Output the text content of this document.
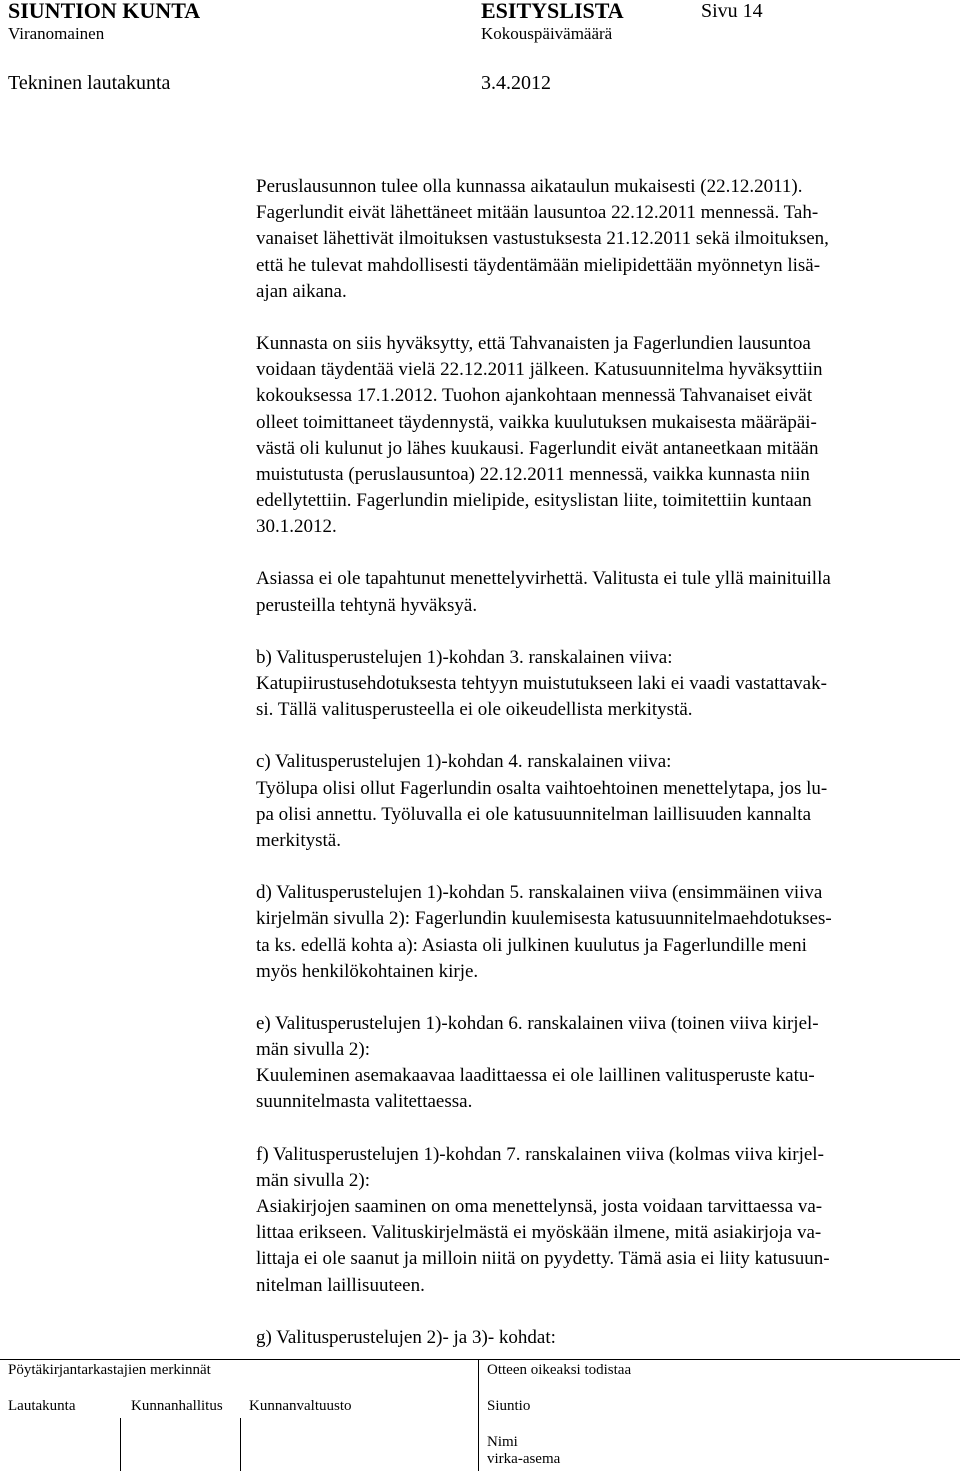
SIUNTION KUNTA	ESITYSLISTA	Sivu 14
Viranomainen	Kokouspäivämäärä
Tekninen lautakunta	3.4.2012
Peruslausunnon tulee olla kunnassa aikataulun mukaisesti (22.12.2011).
Fagerlundit eivät lähettäneet mitään lausuntoa 22.12.2011 mennessä. Tah-
vanaiset lähettivät ilmoituksen vastustuksesta 21.12.2011 sekä ilmoituksen,
että he tulevat mahdollisesti täydentämään mielipidettään myönnetyn lisä-
ajan aikana.
Kunnasta on siis hyväksytty, että Tahvanaisten ja Fagerlundien lausuntoa
voidaan täydentää vielä 22.12.2011 jälkeen. Katusuunnitelma hyväksyttiin
kokouksessa 17.1.2012. Tuohon ajankohtaan mennessä Tahvanaiset eivät
olleet toimittaneet täydennystä, vaikka kuulutuksen mukaisesta määräpäi-
västä oli kulunut jo lähes kuukausi. Fagerlundit eivät antaneetkaan mitään
muistutusta (peruslausuntoa) 22.12.2011 mennessä, vaikka kunnasta niin
edellytettiin. Fagerlundin mielipide, esityslistan liite, toimitettiin kuntaan
30.1.2012.
Asiassa ei ole tapahtunut menettelyvirhettä. Valitusta ei tule yllä mainituilla
perusteilla tehtynä hyväksyä.
b) Valitusperustelujen 1)-kohdan 3. ranskalainen viiva:
Katupiirustusehdotuksesta tehtyyn muistutukseen laki ei vaadi vastattavak-
si. Tällä valitusperusteella ei ole oikeudellista merkitystä.
c) Valitusperustelujen 1)-kohdan 4. ranskalainen viiva:
Työlupa olisi ollut Fagerlundin osalta vaihtoehtoinen menettelytapa, jos lu-
pa olisi annettu. Työluvalla ei ole katusuunnitelman laillisuuden kannalta
merkitystä.
d) Valitusperustelujen 1)-kohdan 5. ranskalainen viiva (ensimmäinen viiva
kirjelmän sivulla 2): Fagerlundin kuulemisesta katusuunnitelmaehdotukses-
ta ks. edellä kohta a): Asiasta oli julkinen kuulutus ja Fagerlundille meni
myös henkilökohtainen kirje.
e) Valitusperustelujen 1)-kohdan 6. ranskalainen viiva (toinen viiva kirjel-
män sivulla 2):
Kuuleminen asemakaavaa laadittaessa ei ole laillinen valitusperuste katu-
suunnitelmasta valitettaessa.
f) Valitusperustelujen 1)-kohdan 7. ranskalainen viiva (kolmas viiva kirjel-
män sivulla 2):
Asiakirjojen saaminen on oma menettelynsä, josta voidaan tarvittaessa va-
littaa erikseen. Valituskirjelmästä ei myöskään ilmene, mitä asiakirjoja va-
littaja ei ole saanut ja milloin niitä on pyydetty. Tämä asia ei liity katusuun-
nitelman laillisuuteen.
g) Valitusperustelujen 2)- ja 3)- kohdat:
Pöytäkirjantarkastajien merkinnät
Lautakunta	Kunnanhallitus Kunnanvaltuusto
Otteen oikeaksi todistaa
Siuntio
Nimi
virka-asema
